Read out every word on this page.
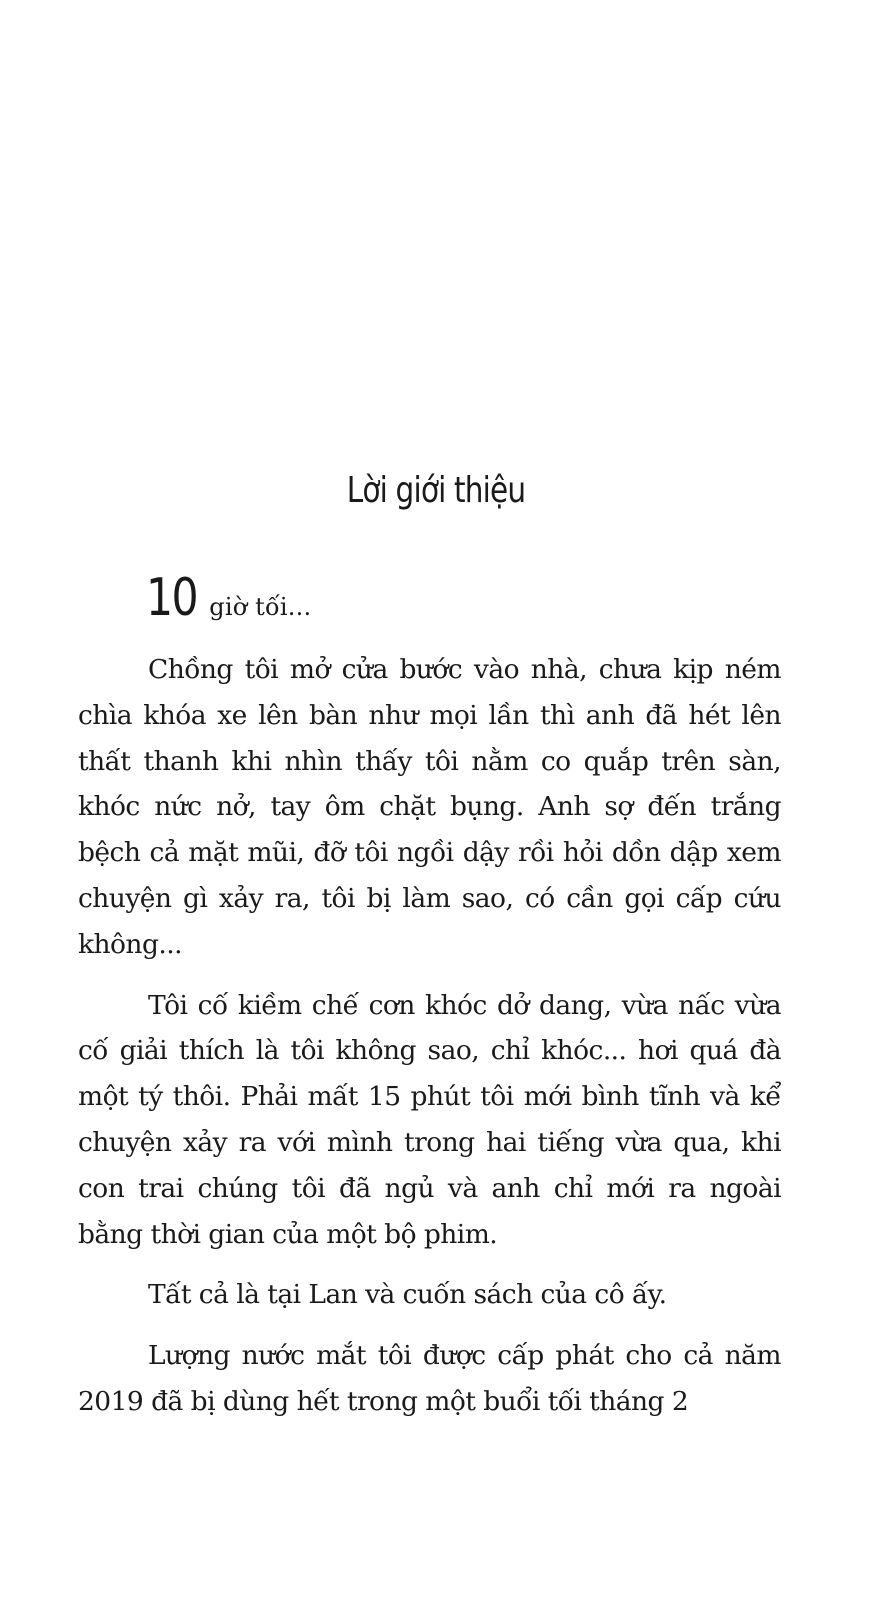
Lời giới thiệu
10 giờ tối...

Chồng tôi mở cửa bước vào nhà, chưa kịp ném chìa khóa xe lên bàn như mọi lần thì anh đã hét lên thất thanh khi nhìn thấy tôi nằm co quắp trên sàn, khóc nức nở, tay ôm chặt bụng. Anh sợ đến trắng bệch cả mặt mũi, đỡ tôi ngồi dậy rồi hỏi dồn dập xem chuyện gì xảy ra, tôi bị làm sao, có cần gọi cấp cứu không...

Tôi cố kiềm chế cơn khóc dở dang, vừa nấc vừa cố giải thích là tôi không sao, chỉ khóc... hơi quá đà một tý thôi. Phải mất 15 phút tôi mới bình tĩnh và kể chuyện xảy ra với mình trong hai tiếng vừa qua, khi con trai chúng tôi đã ngủ và anh chỉ mới ra ngoài bằng thời gian của một bộ phim.

Tất cả là tại Lan và cuốn sách của cô ấy.

Lượng nước mắt tôi được cấp phát cho cả năm 2019 đã bị dùng hết trong một buổi tối tháng 2
